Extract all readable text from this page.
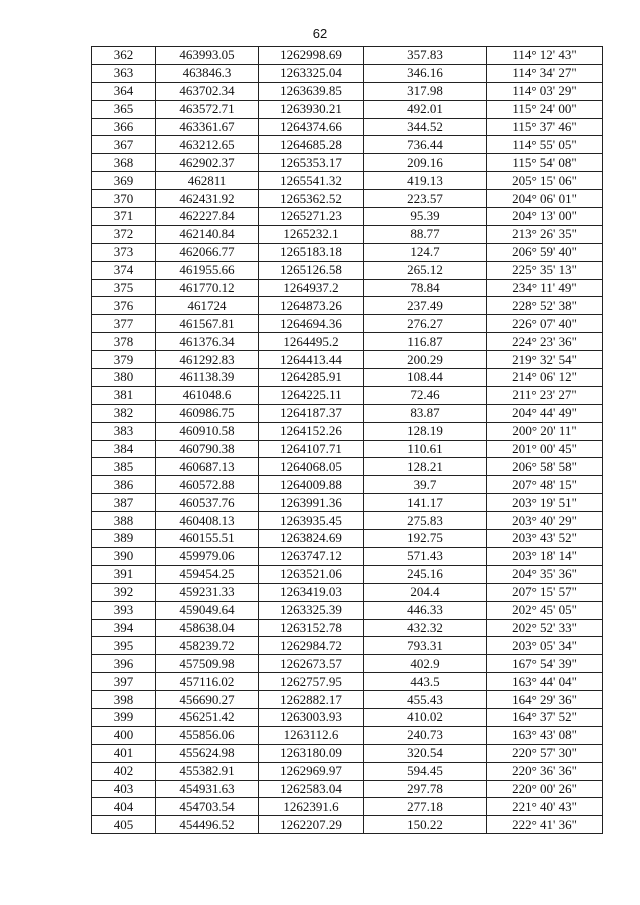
62
362	463993.05	1262998.69	357.83	114° 12' 43"
363	463846.3	1263325.04	346.16	114° 34' 27"
364	463702.34	1263639.85	317.98	114° 03' 29"
365	463572.71	1263930.21	492.01	115° 24' 00"
366	463361.67	1264374.66	344.52	115° 37' 46"
367	463212.65	1264685.28	736.44	114° 55' 05"
368	462902.37	1265353.17	209.16	115° 54' 08"
369	462811	1265541.32	419.13	205° 15' 06"
370	462431.92	1265362.52	223.57	204° 06' 01"
371	462227.84	1265271.23	95.39	204° 13' 00"
372	462140.84	1265232.1	88.77	213° 26' 35"
373	462066.77	1265183.18	124.7	206° 59' 40"
374	461955.66	1265126.58	265.12	225° 35' 13"
375	461770.12	1264937.2	78.84	234° 11' 49"
376	461724	1264873.26	237.49	228° 52' 38"
377	461567.81	1264694.36	276.27	226° 07' 40"
378	461376.34	1264495.2	116.87	224° 23' 36"
379	461292.83	1264413.44	200.29	219° 32' 54"
380	461138.39	1264285.91	108.44	214° 06' 12"
381	461048.6	1264225.11	72.46	211° 23' 27"
382	460986.75	1264187.37	83.87	204° 44' 49"
383	460910.58	1264152.26	128.19	200° 20' 11"
384	460790.38	1264107.71	110.61	201° 00' 45"
385	460687.13	1264068.05	128.21	206° 58' 58"
386	460572.88	1264009.88	39.7	207° 48' 15"
387	460537.76	1263991.36	141.17	203° 19' 51"
388	460408.13	1263935.45	275.83	203° 40' 29"
389	460155.51	1263824.69	192.75	203° 43' 52"
390	459979.06	1263747.12	571.43	203° 18' 14"
391	459454.25	1263521.06	245.16	204° 35' 36"
392	459231.33	1263419.03	204.4	207° 15' 57"
393	459049.64	1263325.39	446.33	202° 45' 05"
394	458638.04	1263152.78	432.32	202° 52' 33"
395	458239.72	1262984.72	793.31	203° 05' 34"
396	457509.98	1262673.57	402.9	167° 54' 39"
397	457116.02	1262757.95	443.5	163° 44' 04"
398	456690.27	1262882.17	455.43	164° 29' 36"
399	456251.42	1263003.93	410.02	164° 37' 52"
400	455856.06	1263112.6	240.73	163° 43' 08"
401	455624.98	1263180.09	320.54	220° 57' 30"
402	455382.91	1262969.97	594.45	220° 36' 36"
403	454931.63	1262583.04	297.78	220° 00' 26"
404	454703.54	1262391.6	277.18	221° 40' 43"
405	454496.52	1262207.29	150.22	222° 41' 36"
